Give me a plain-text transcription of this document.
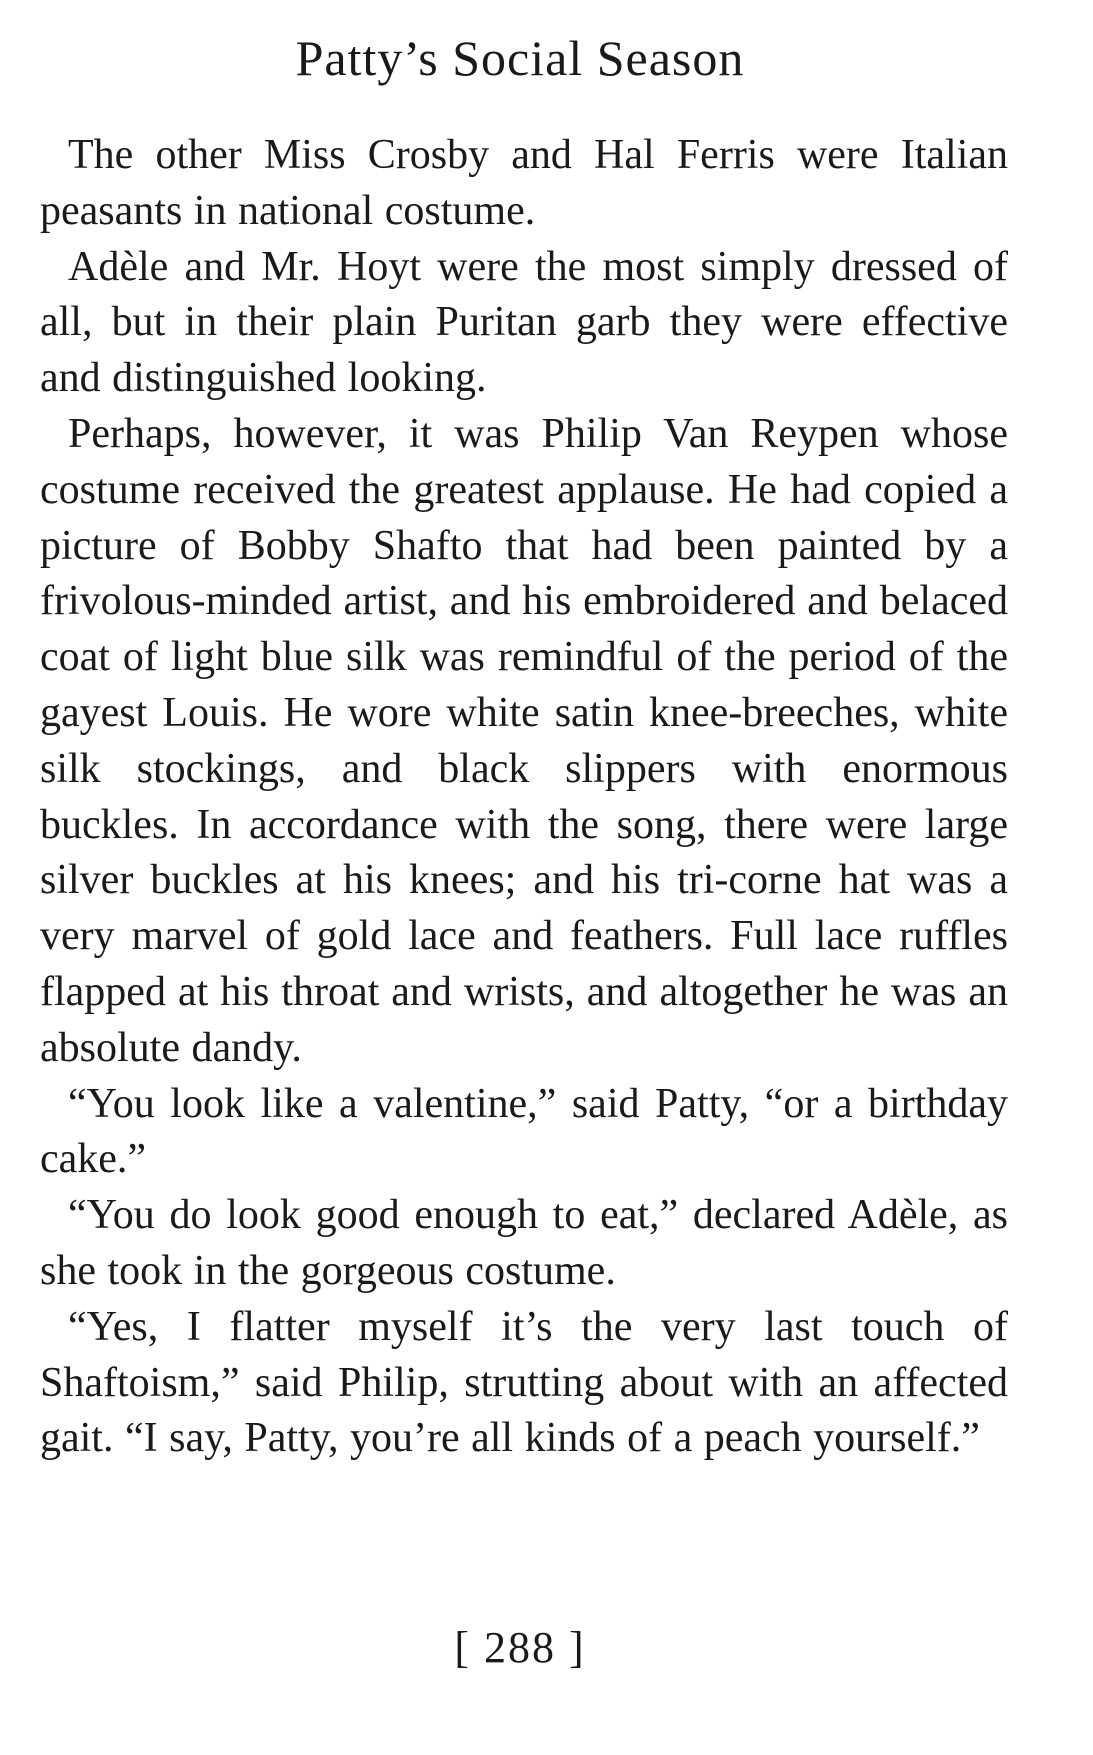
Patty’s Social Season

The other Miss Crosby and Hal Ferris were Italian peasants in national costume.

Adèle and Mr. Hoyt were the most simply dressed of all, but in their plain Puritan garb they were effective and distinguished looking.

Perhaps, however, it was Philip Van Reypen whose costume received the greatest applause. He had copied a picture of Bobby Shafto that had been painted by a frivolous-minded artist, and his embroidered and belaced coat of light blue silk was remindful of the period of the gayest Louis. He wore white satin knee-breeches, white silk stockings, and black slippers with enormous buckles. In accordance with the song, there were large silver buckles at his knees; and his tri-corne hat was a very marvel of gold lace and feathers. Full lace ruffles flapped at his throat and wrists, and altogether he was an absolute dandy.

“You look like a valentine,” said Patty, “or a birthday cake.”

“You do look good enough to eat,” declared Adèle, as she took in the gorgeous costume.

“Yes, I flatter myself it’s the very last touch of Shaftoism,” said Philip, strutting about with an affected gait. “I say, Patty, you’re all kinds of a peach yourself.”

[ 288 ]
